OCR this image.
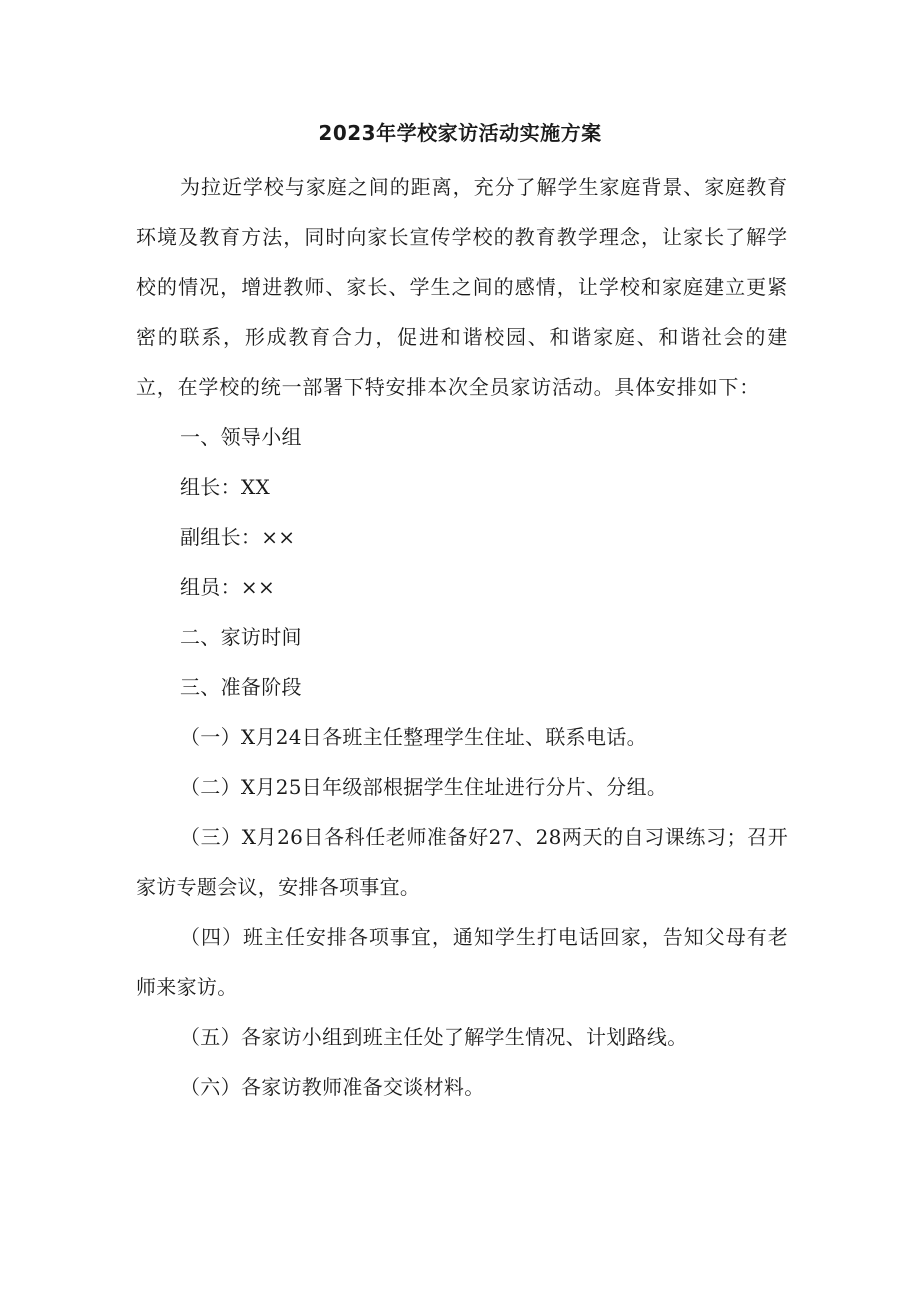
2023年学校家访活动实施方案

为拉近学校与家庭之间的距离，充分了解学生家庭背景、家庭教育环境及教育方法，同时向家长宣传学校的教育教学理念，让家长了解学校的情况，增进教师、家长、学生之间的感情，让学校和家庭建立更紧密的联系，形成教育合力，促进和谐校园、和谐家庭、和谐社会的建立，在学校的统一部署下特安排本次全员家访活动。具体安排如下：

一、领导小组

组长：XX

副组长：××

组员：××

二、家访时间

三、准备阶段

（一）X月24日各班主任整理学生住址、联系电话。

（二）X月25日年级部根据学生住址进行分片、分组。

（三）X月26日各科任老师准备好27、28两天的自习课练习；召开家访专题会议，安排各项事宜。

（四）班主任安排各项事宜，通知学生打电话回家，告知父母有老师来家访。

（五）各家访小组到班主任处了解学生情况、计划路线。

（六）各家访教师准备交谈材料。
